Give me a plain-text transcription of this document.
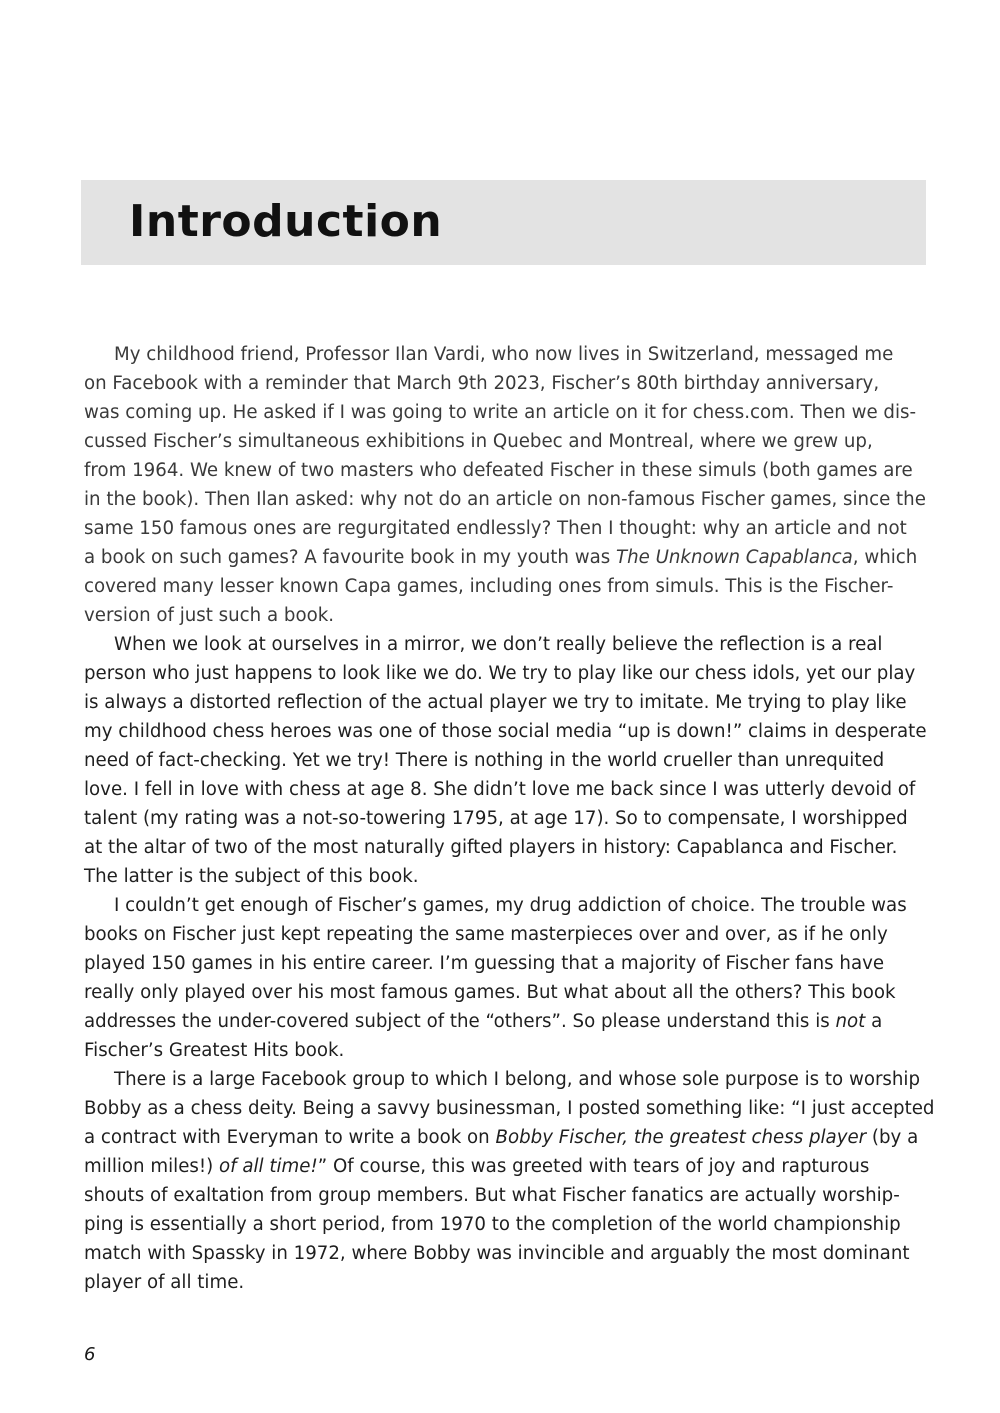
Introduction

My childhood friend, Professor Ilan Vardi, who now lives in Switzerland, messaged me
on Facebook with a reminder that March 9th 2023, Fischer’s 80th birthday anniversary,
was coming up. He asked if I was going to write an article on it for chess.com. Then we dis-
cussed Fischer’s simultaneous exhibitions in Quebec and Montreal, where we grew up,
from 1964. We knew of two masters who defeated Fischer in these simuls (both games are
in the book). Then Ilan asked: why not do an article on non-famous Fischer games, since the
same 150 famous ones are regurgitated endlessly? Then I thought: why an article and not
a book on such games? A favourite book in my youth was The Unknown Capablanca, which
covered many lesser known Capa games, including ones from simuls. This is the Fischer-
version of just such a book.

When we look at ourselves in a mirror, we don’t really believe the reflection is a real
person who just happens to look like we do. We try to play like our chess idols, yet our play
is always a distorted reflection of the actual player we try to imitate. Me trying to play like
my childhood chess heroes was one of those social media “up is down!” claims in desperate
need of fact-checking. Yet we try! There is nothing in the world crueller than unrequited
love. I fell in love with chess at age 8. She didn’t love me back since I was utterly devoid of
talent (my rating was a not-so-towering 1795, at age 17). So to compensate, I worshipped
at the altar of two of the most naturally gifted players in history: Capablanca and Fischer.
The latter is the subject of this book.

I couldn’t get enough of Fischer’s games, my drug addiction of choice. The trouble was
books on Fischer just kept repeating the same masterpieces over and over, as if he only
played 150 games in his entire career. I’m guessing that a majority of Fischer fans have
really only played over his most famous games. But what about all the others? This book
addresses the under-covered subject of the “others”. So please understand this is not a
Fischer’s Greatest Hits book.

There is a large Facebook group to which I belong, and whose sole purpose is to worship
Bobby as a chess deity. Being a savvy businessman, I posted something like: “I just accepted
a contract with Everyman to write a book on Bobby Fischer, the greatest chess player (by a
million miles!) of all time!” Of course, this was greeted with tears of joy and rapturous
shouts of exaltation from group members. But what Fischer fanatics are actually worship-
ping is essentially a short period, from 1970 to the completion of the world championship
match with Spassky in 1972, where Bobby was invincible and arguably the most dominant
player of all time.

6
